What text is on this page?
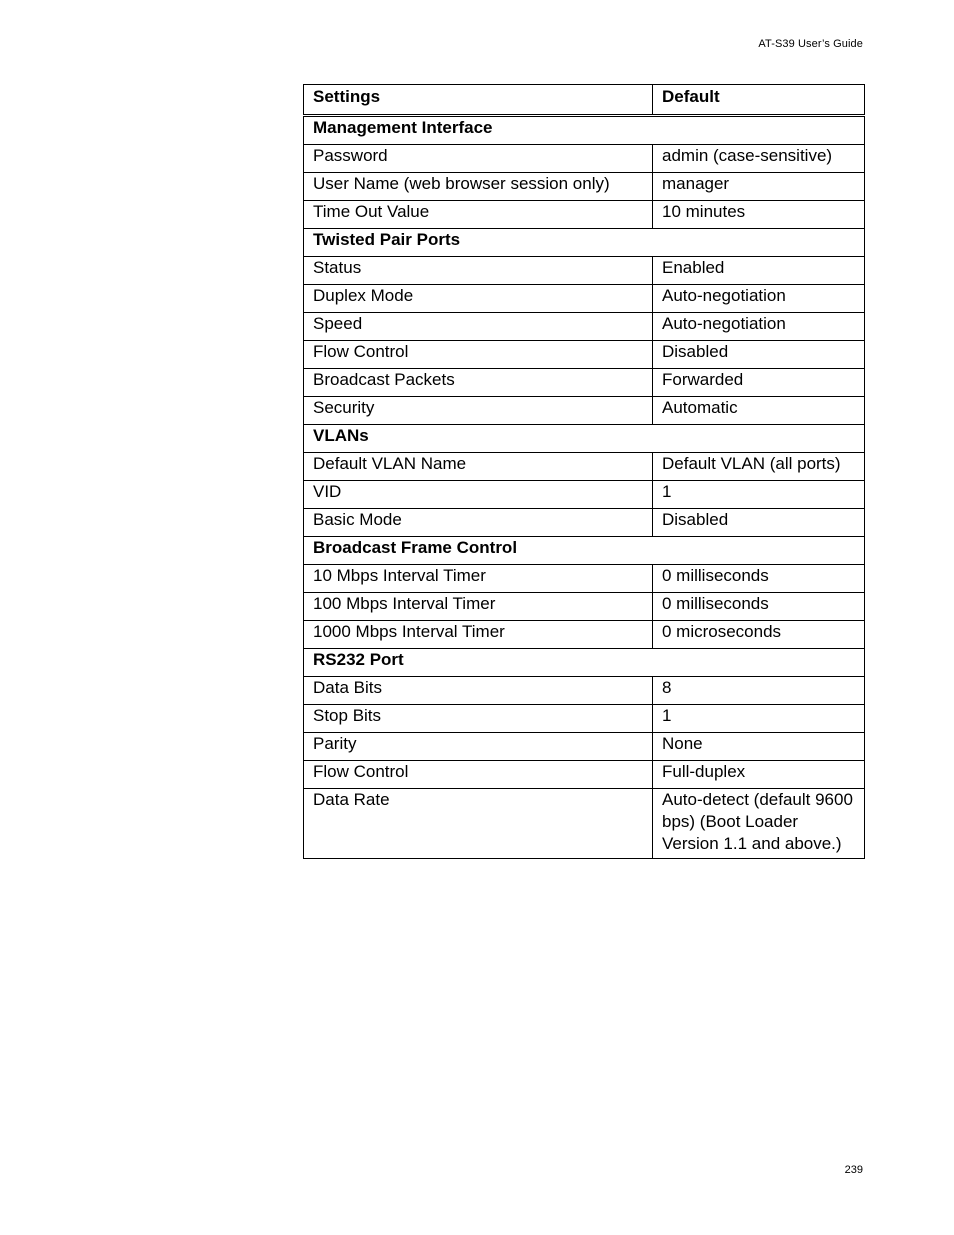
AT-S39 User’s Guide
Settings	Default
Management Interface	
Password	admin (case-sensitive)
User Name (web browser session only)	manager
Time Out Value	10 minutes
Twisted Pair Ports	
Status	Enabled
Duplex Mode	Auto-negotiation
Speed	Auto-negotiation
Flow Control	Disabled
Broadcast Packets	Forwarded
Security	Automatic
VLANs	
Default VLAN Name	Default VLAN (all ports)
VID	1
Basic Mode	Disabled
Broadcast Frame Control	
10 Mbps Interval Timer	0 milliseconds
100 Mbps Interval Timer	0 milliseconds
1000 Mbps Interval Timer	0 microseconds
RS232 Port	
Data Bits	8
Stop Bits	1
Parity	None
Flow Control	Full-duplex
Data Rate	Auto-detect (default 9600 bps) (Boot Loader Version 1.1 and above.)
239
